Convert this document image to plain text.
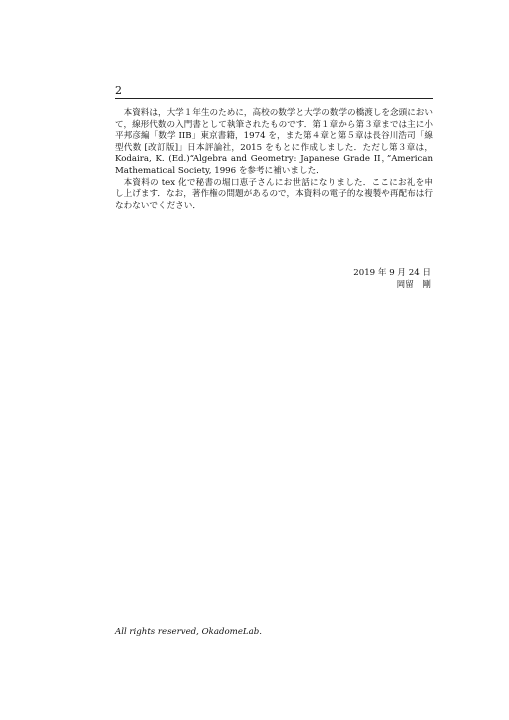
2

本資料は，大学１年生のために，高校の数学と大学の数学の橋渡しを念頭において，線形代数の入門書として執筆されたものです．第１章から第３章までは主に小平邦彦編「数学 IIB」東京書籍，1974 を，また第４章と第５章は長谷川浩司「線型代数 [改訂版]」日本評論社，2015 をもとに作成しました．ただし第３章は，Kodaira, K. (Ed.)“Algebra and Geometry: Japanese Grade II，”American Mathematical Society, 1996 を参考に補いました．

本資料の tex 化で秘書の堀口恵子さんにお世話になりました．ここにお礼を申し上げます．なお，著作権の問題があるので，本資料の電子的な複製や再配布は行なわないでください．

2019 年 9 月 24 日
岡留　剛
All rights reserved, OkadomeLab.
